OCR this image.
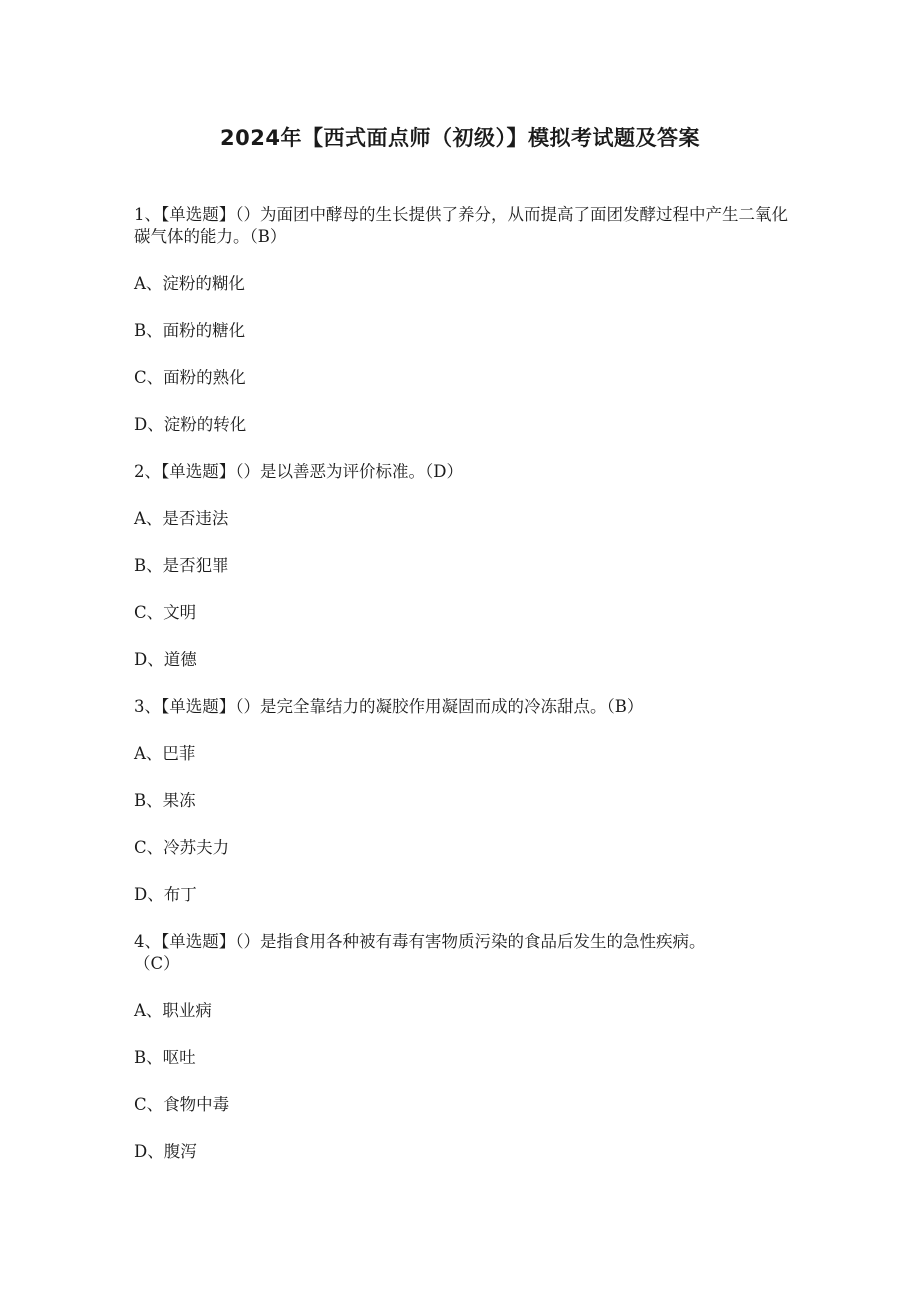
2024年【西式面点师（初级）】模拟考试题及答案

1、【单选题】（）为面团中酵母的生长提供了养分，从而提高了面团发酵过程中产生二氧化碳气体的能力。（B）

A、淀粉的糊化

B、面粉的糖化

C、面粉的熟化

D、淀粉的转化

2、【单选题】（）是以善恶为评价标准。（D）

A、是否违法

B、是否犯罪

C、文明

D、道德

3、【单选题】（）是完全靠结力的凝胶作用凝固而成的冷冻甜点。（B）

A、巴菲

B、果冻

C、冷苏夫力

D、布丁

4、【单选题】（）是指食用各种被有毒有害物质污染的食品后发生的急性疾病。

（C）

A、职业病

B、呕吐

C、食物中毒

D、腹泻
